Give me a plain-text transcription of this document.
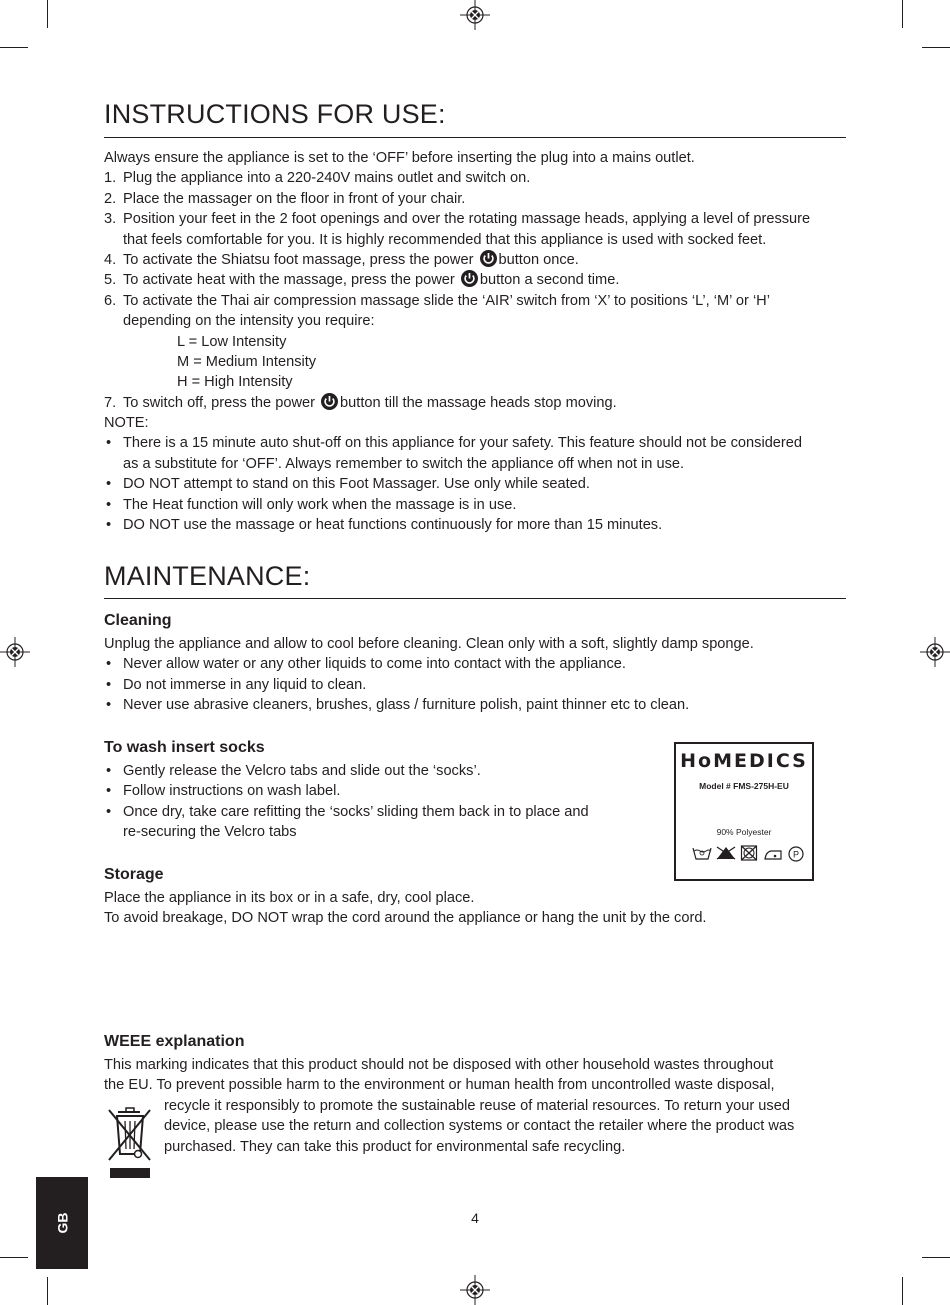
INSTRUCTIONS FOR USE:
Always ensure the appliance is set to the ‘OFF’ before inserting the plug into a mains outlet.
1. Plug the appliance into a 220-240V mains outlet and switch on.
2. Place the massager on the floor in front of your chair.
3. Position your feet in the 2 foot openings and over the rotating massage heads, applying a level of pressure
that feels comfortable for you. It is highly recommended that this appliance is used with socked feet.
4. To activate the Shiatsu foot massage, press the power button once.
5. To activate heat with the massage, press the power button a second time.
6. To activate the Thai air compression massage slide the ‘AIR’ switch from ‘X’ to positions ‘L’, ‘M’ or ‘H’
depending on the intensity you require:
L = Low Intensity
M = Medium Intensity
H = High Intensity
7. To switch off, press the power button till the massage heads stop moving.
NOTE:
• There is a 15 minute auto shut-off on this appliance for your safety. This feature should not be considered
as a substitute for ‘OFF’. Always remember to switch the appliance off when not in use.
• DO NOT attempt to stand on this Foot Massager. Use only while seated.
• The Heat function will only work when the massage is in use.
• DO NOT use the massage or heat functions continuously for more than 15 minutes.
MAINTENANCE:
Cleaning
Unplug the appliance and allow to cool before cleaning. Clean only with a soft, slightly damp sponge.
• Never allow water or any other liquids to come into contact with the appliance.
• Do not immerse in any liquid to clean.
• Never use abrasive cleaners, brushes, glass / furniture polish, paint thinner etc to clean.
To wash insert socks
• Gently release the Velcro tabs and slide out the ‘socks’.
• Follow instructions on wash label.
• Once dry, take care refitting the ‘socks’ sliding them back in to place and
re-securing the Velcro tabs
HoMEDICS
Model # FMS-275H-EU
90% Polyester
P
Storage
Place the appliance in its box or in a safe, dry, cool place.
To avoid breakage, DO NOT wrap the cord around the appliance or hang the unit by the cord.
WEEE explanation
This marking indicates that this product should not be disposed with other household wastes throughout
the EU. To prevent possible harm to the environment or human health from uncontrolled waste disposal,
recycle it responsibly to promote the sustainable reuse of material resources. To return your used
device, please use the return and collection systems or contact the retailer where the product was
purchased. They can take this product for environmental safe recycling.
4
GB
